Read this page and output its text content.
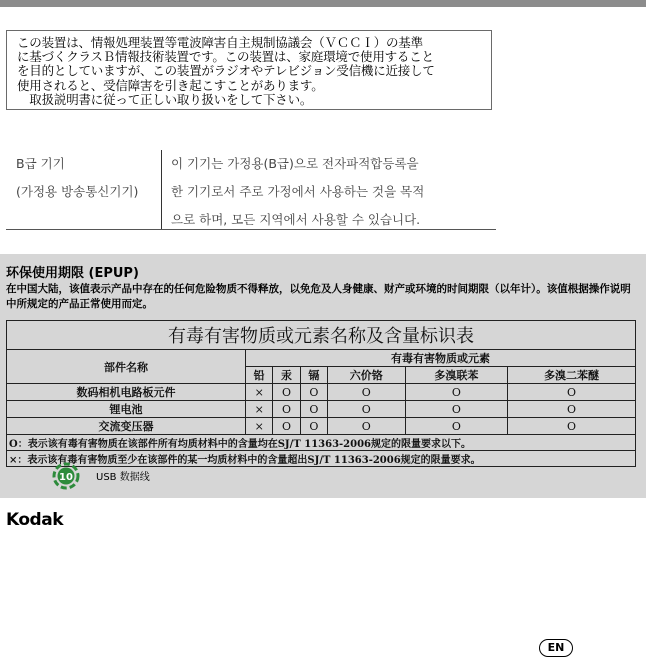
この装置は、情報処理装置等電波障害自主規制協議会（ＶＣＣＩ）の基準
に基づくクラスＢ情報技術装置です。この装置は、家庭環境で使用すること
を目的としていますが、この装置がラジオやテレビジョン受信機に近接して
使用されると、受信障害を引き起こすことがあります。
　取扱説明書に従って正しい取り扱いをして下さい。
B급 기기
(가정용 방송통신기기)
이 기기는 가정용(B급)으로 전자파적합등록을
한 기기로서 주로 가정에서 사용하는 것을 목적
으로 하며, 모든 지역에서 사용할 수 있습니다.
环保使用期限 (EPUP)
在中国大陆，该值表示产品中存在的任何危险物质不得释放，以免危及人身健康、财产或环境的时间期限（以年计）。该值根据操作说明中所规定的产品正常使用而定。
有毒有害物质或元素名称及含量标识表						
部件名称	有毒有害物质或元素					
	铅	汞	镉	六价铬	多溴联苯	多溴二苯醚
数码相机电路板元件	×	O	O	O	O	O
锂电池	×	O	O	O	O	O
交流变压器	×	O	O	O	O	O
O：表示该有毒有害物质在该部件所有均质材料中的含量均在SJ/T 11363-2006规定的限量要求以下。						
×：表示该有毒有害物质至少在该部件的某一均质材料中的含量超出SJ/T 11363-2006规定的限量要求。						
10 USB 数据线
Kodak
EN
